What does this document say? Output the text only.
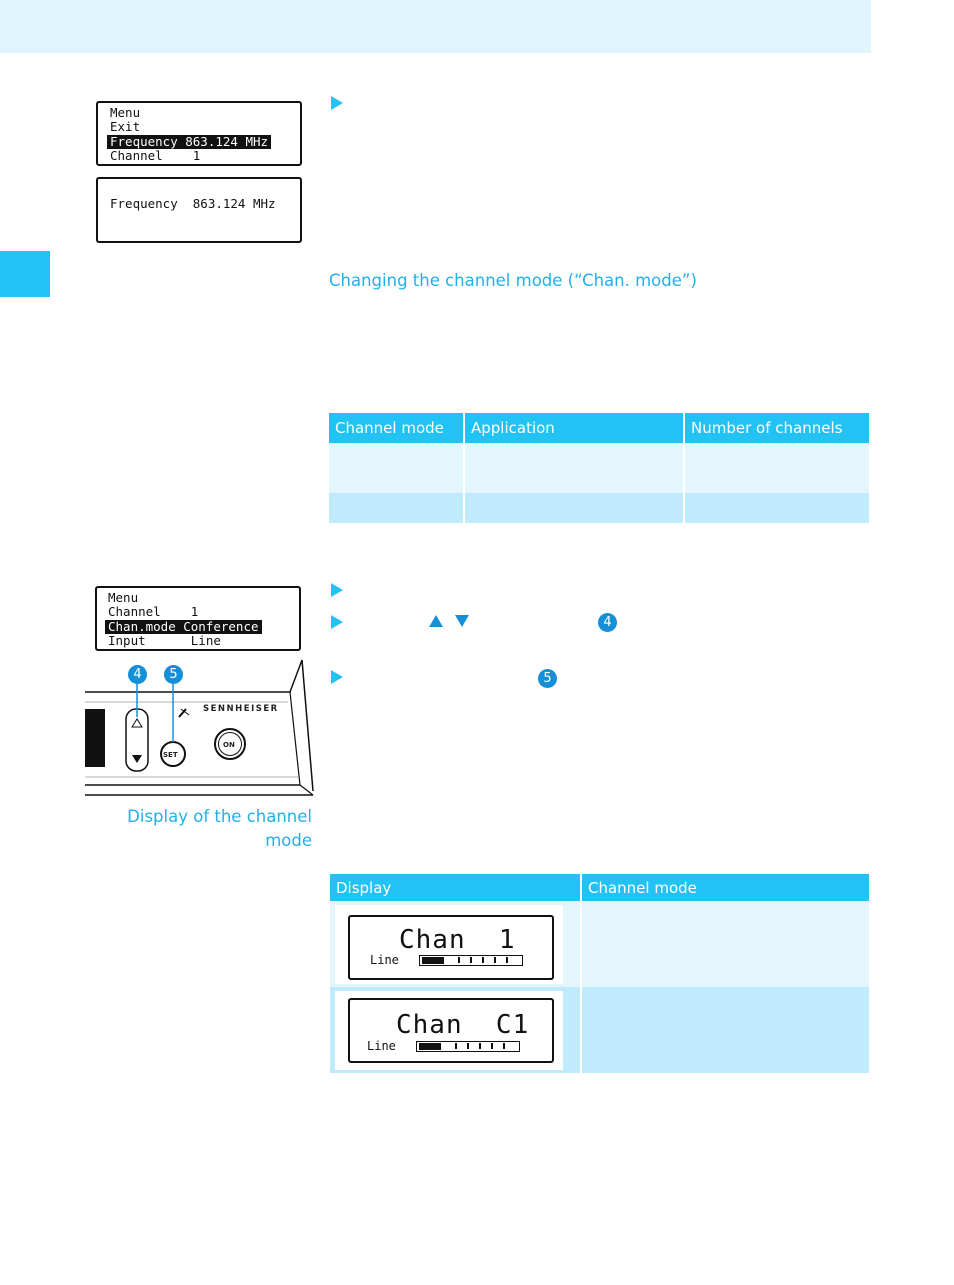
Menu
Exit
Frequency 863.124 MHz
Channel    1
Frequency  863.124 MHz
Changing the channel mode (“Chan. mode”)
Channel mode	Application	Number of channels

Menu
Channel    1
Chan.mode Conference
Input      Line
SET
ON
SENNHEISER
4	5
4
5
Display of the channel mode
Display	Channel mode

Chan  1
Line	

Chan  C1
Line	
